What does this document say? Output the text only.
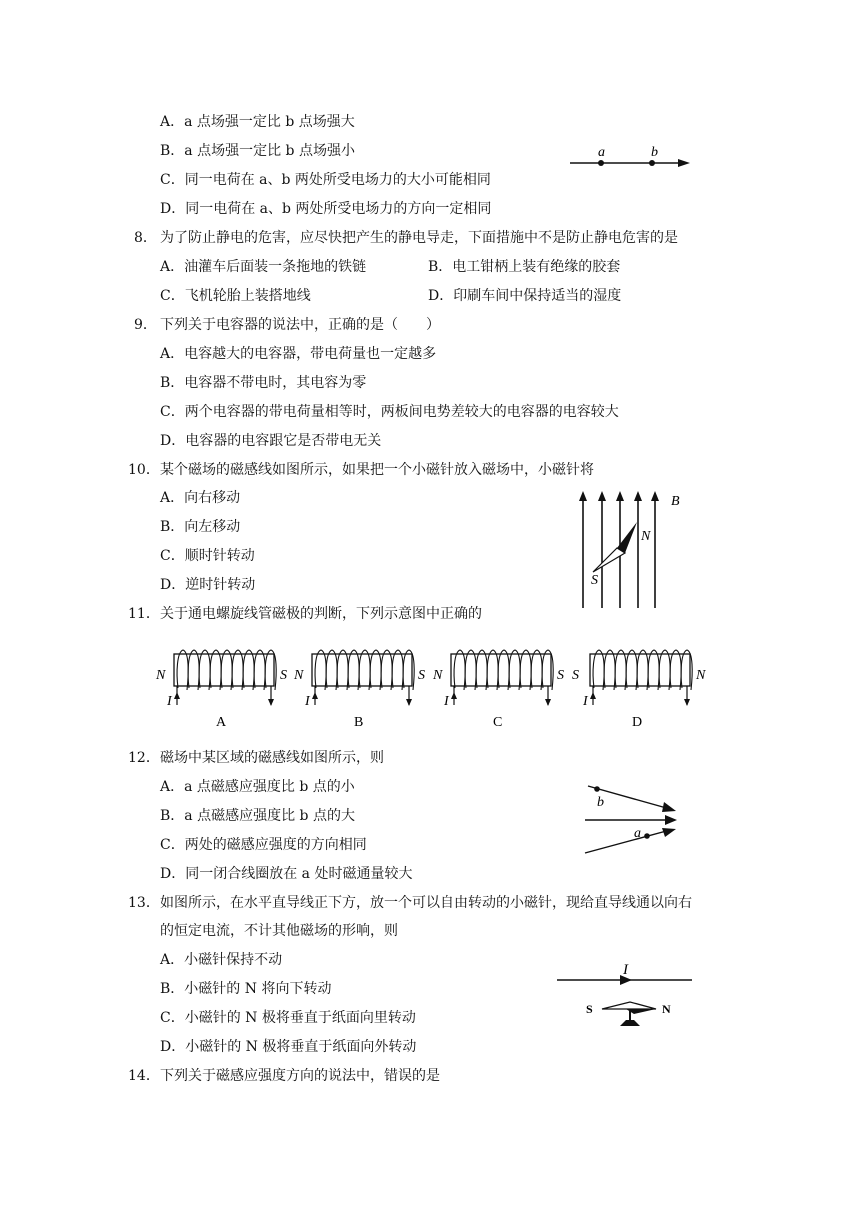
A．a 点场强一定比 b 点场强大
B．a 点场强一定比 b 点场强小
C．同一电荷在 a、b 两处所受电场力的大小可能相同
D．同一电荷在 a、b 两处所受电场力的方向一定相同
a	b
8． 为了防止静电的危害，应尽快把产生的静电导走，下面措施中不是防止静电危害的是
A．油灌车后面装一条拖地的铁链	B．电工钳柄上装有绝缘的胶套
C．飞机轮胎上装搭地线	D．印刷车间中保持适当的湿度
9． 下列关于电容器的说法中，正确的是（　　）
A．电容越大的电容器，带电荷量也一定越多
B．电容器不带电时，其电容为零
C．两个电容器的带电荷量相等时，两板间电势差较大的电容器的电容较大
D．电容器的电容跟它是否带电无关
10． 某个磁场的磁感线如图所示，如果把一个小磁针放入磁场中，小磁针将
A．向右移动
B．向左移动
C．顺时针转动
D．逆时针转动
B
N
S
11． 关于通电螺旋线管磁极的判断，下列示意图中正确的
N	S
I
A
N	S
I
B
N	S
I
C
S	N
I
D
12． 磁场中某区域的磁感线如图所示，则
A．a 点磁感应强度比 b 点的小
B．a 点磁感应强度比 b 点的大
C．两处的磁感应强度的方向相同
D．同一闭合线圈放在 a 处时磁通量较大
b
a
13． 如图所示，在水平直导线正下方，放一个可以自由转动的小磁针，现给直导线通以向右
的恒定电流，不计其他磁场的形响，则
A．小磁针保持不动
B．小磁针的 N 将向下转动
C．小磁针的 N 极将垂直于纸面向里转动
D．小磁针的 N 极将垂直于纸面向外转动
I
S	N
14． 下列关于磁感应强度方向的说法中，错误的是
